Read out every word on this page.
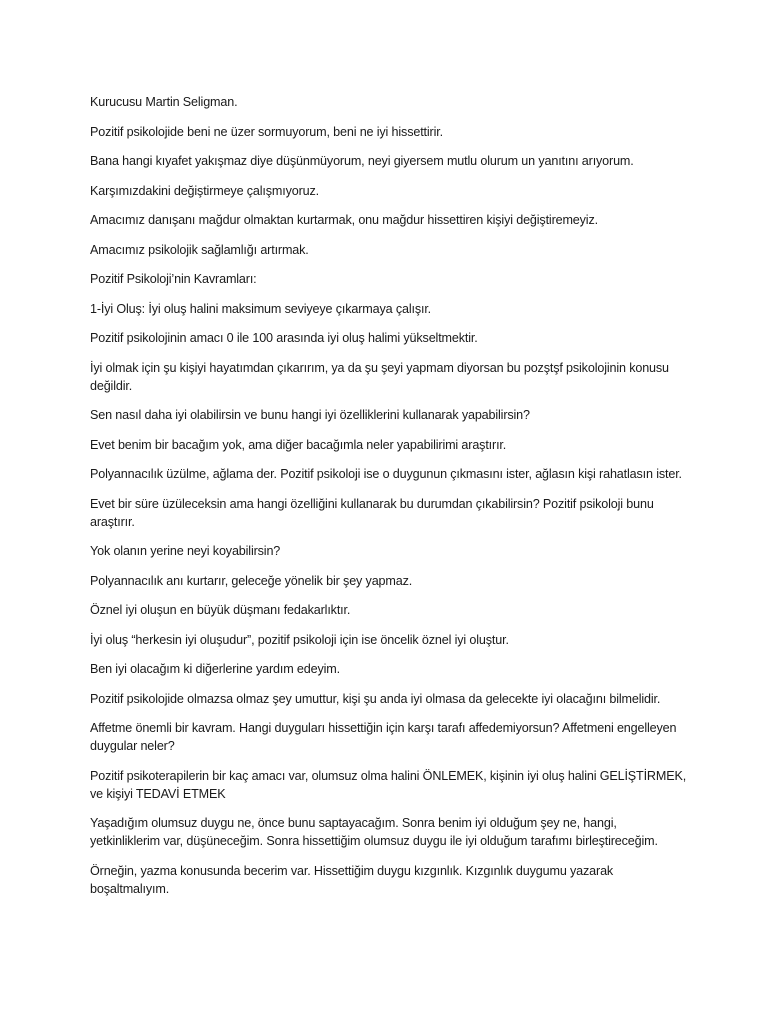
Kurucusu Martin Seligman.

Pozitif psikolojide beni ne üzer sormuyorum, beni ne iyi hissettirir.

Bana hangi kıyafet yakışmaz diye düşünmüyorum, neyi giyersem mutlu olurum un yanıtını arıyorum.

Karşımızdakini değiştirmeye çalışmıyoruz.

Amacımız danışanı mağdur olmaktan kurtarmak, onu mağdur hissettiren kişiyi değiştiremeyiz.

Amacımız psikolojik sağlamlığı artırmak.

Pozitif Psikoloji’nin Kavramları:

1-İyi Oluş: İyi oluş halini maksimum seviyeye çıkarmaya çalışır.

Pozitif psikolojinin amacı 0 ile 100 arasında iyi oluş halimi yükseltmektir.

İyi olmak için şu kişiyi hayatımdan çıkarırım, ya da şu şeyi yapmam diyorsan bu pozştşf psikolojinin konusu değildir.

Sen nasıl daha iyi olabilirsin ve bunu hangi iyi özelliklerini kullanarak yapabilirsin?

Evet benim bir bacağım yok, ama diğer bacağımla neler yapabilirimi araştırır.

Polyannacılık üzülme, ağlama der. Pozitif psikoloji ise o duygunun çıkmasını ister, ağlasın kişi rahatlasın ister.

Evet bir süre üzüleceksin ama hangi özelliğini kullanarak bu durumdan çıkabilirsin? Pozitif psikoloji bunu araştırır.

Yok olanın yerine neyi koyabilirsin?

Polyannacılık anı kurtarır, geleceğe yönelik bir şey yapmaz.

Öznel iyi oluşun en büyük düşmanı fedakarlıktır.

İyi oluş “herkesin iyi oluşudur”, pozitif psikoloji için ise öncelik öznel iyi oluştur.

Ben iyi olacağım ki diğerlerine yardım edeyim.

Pozitif psikolojide olmazsa olmaz şey umuttur, kişi şu anda iyi olmasa da gelecekte iyi olacağını bilmelidir.

Affetme önemli bir kavram. Hangi duyguları hissettiğin için karşı tarafı affedemiyorsun? Affetmeni engelleyen duygular neler?

Pozitif psikoterapilerin bir kaç amacı var, olumsuz olma halini ÖNLEMEK, kişinin iyi oluş halini GELİŞTİRMEK, ve kişiyi TEDAVİ ETMEK

Yaşadığım olumsuz duygu ne, önce bunu saptayacağım. Sonra benim iyi olduğum şey ne, hangi, yetkinliklerim var, düşüneceğim. Sonra hissettiğim olumsuz duygu ile iyi olduğum tarafımı birleştireceğim.

Örneğin, yazma konusunda becerim var. Hissettiğim duygu kızgınlık. Kızgınlık duygumu yazarak boşaltmalıyım.
